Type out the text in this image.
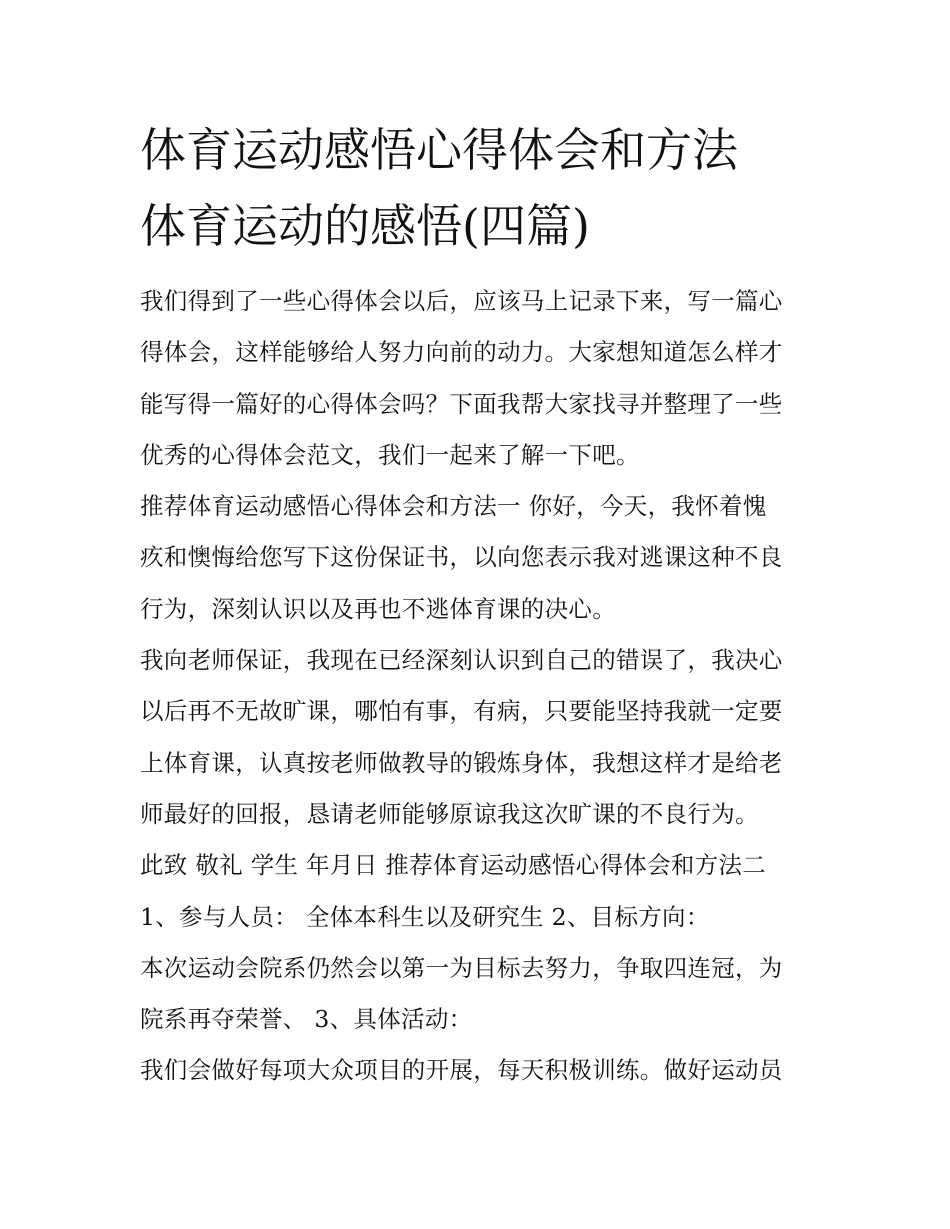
体育运动感悟心得体会和方法
体育运动的感悟(四篇)

我们得到了一些心得体会以后，应该马上记录下来，写一篇心
得体会，这样能够给人努力向前的动力。大家想知道怎么样才
能写得一篇好的心得体会吗？下面我帮大家找寻并整理了一些
优秀的心得体会范文，我们一起来了解一下吧。

推荐体育运动感悟心得体会和方法一 你好，今天，我怀着愧
疚和懊悔给您写下这份保证书，以向您表示我对逃课这种不良
行为，深刻认识以及再也不逃体育课的决心。

我向老师保证，我现在已经深刻认识到自己的错误了，我决心
以后再不无故旷课，哪怕有事，有病，只要能坚持我就一定要
上体育课，认真按老师做教导的锻炼身体，我想这样才是给老
师最好的回报，恳请老师能够原谅我这次旷课的不良行为。

此致 敬礼 学生 年月日 推荐体育运动感悟心得体会和方法二

1、参与人员： 全体本科生以及研究生 2、目标方向：

本次运动会院系仍然会以第一为目标去努力，争取四连冠，为
院系再夺荣誉、 3、具体活动：

我们会做好每项大众项目的开展，每天积极训练。做好运动员
